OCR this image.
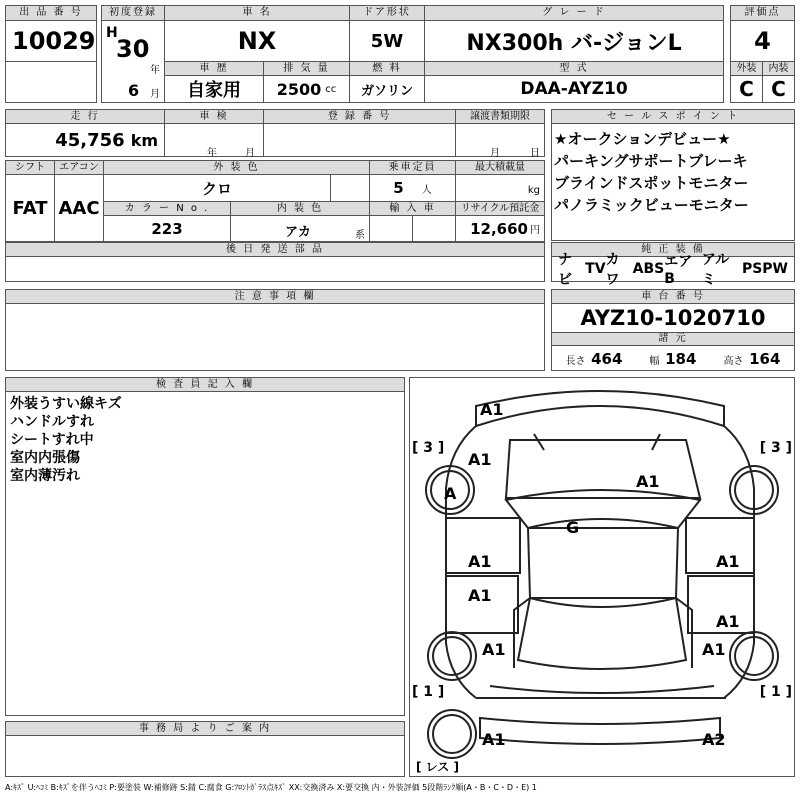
出 品 番 号
10029
初度登録
H
30
年
6 月
車 名
NX
ドア形状
5W
グ レ ー ド
NX300h バ-ジョンL
評価点
4
車 歴
自家用
排 気 量
2500 cc
燃 料
ガソリン
型 式
DAA-AYZ10
外装
C
内装
C
走 行
45,756 km
車 検
年	月
登 録 番 号	譲渡書類期限
月	日
シフト
FAT
エアコン
AAC
外 装 色
クロ
乗車定員
5 人
最大積載量
kg
カ ラ ー N o .
223
内 装 色
アカ	系
輸 入 車	リサイクル預託金
12,660 円
後 日 発 送 部 品
セ ー ル ス ポ イ ン ト
★オークションデビュー★
パーキングサポートブレーキ
ブラインドスポットモニター
パノラミックビューモニター
純 正 装 備
ナビ
TV
カワ
ABS エアB
アルミ
PS PW
注 意 事 項 欄	車 台 番 号
AYZ10-1020710
諸 元
長さ 464	幅 184	高さ 164
検 査 員 記 入 欄
外装うすい線キズ
ハンドルすれ
シートすれ中
室内内張傷
室内薄汚れ
事 務 局 よ り ご 案 内
A1
A1
A
A1
G
A1
A1
A1
A1
A1
A1
A1	A2
[ 3 ]	[ 3 ]
[ 1 ]	[ 1 ]
[ レス ]
A:ｷｽﾞ U:ﾍｺﾐ B:ｷｽﾞを伴うﾍｺﾐ P:要塗装 W:補修跡 S:錆 C:腐食 G:ﾌﾛﾝﾄｶﾞﾗｽ点ｷｽﾞ XX:交換済み X:要交換 内・外装評価 5段階ﾗﾝｸ順(A・B・C・D・E) 1
